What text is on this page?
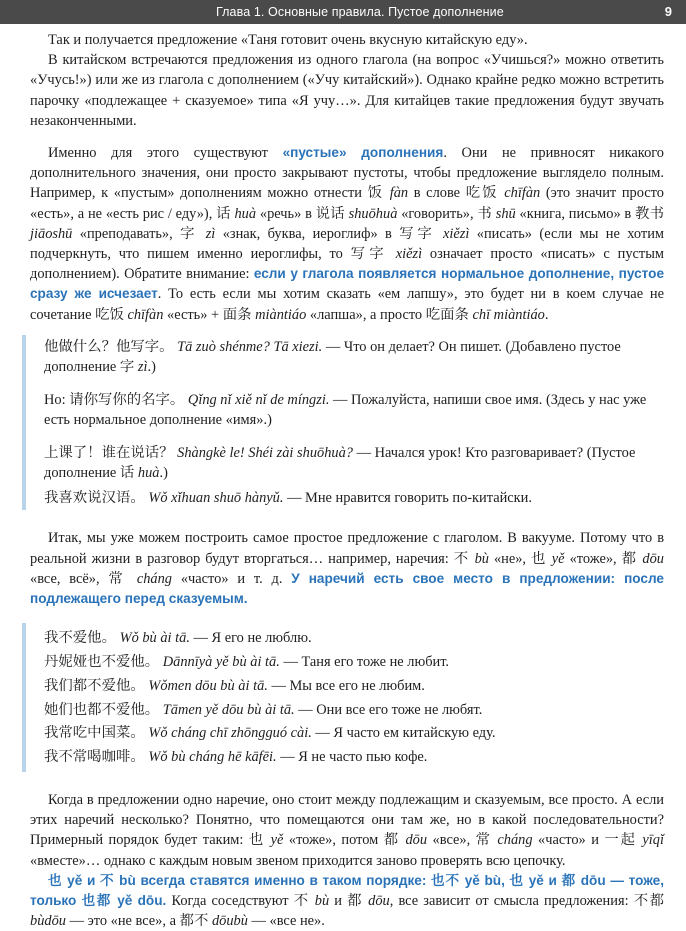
Глава 1. Основные правила. Пустое дополнение	9

Так и получается предложение «Таня готовит очень вкусную китайскую еду».

В китайском встречаются предложения из одного глагола (на вопрос «Учишься?» можно ответить «Учусь!») или же из глагола с дополнением («Учу китайский»). Однако крайне редко можно встретить парочку «подлежащее + сказуемое» типа «Я учу…». Для китайцев такие предложения будут звучать незаконченными.

Именно для этого существуют «пустые» дополнения. Они не привносят никакого дополнительного значения, они просто закрывают пустоты, чтобы предложение выглядело полным. Например, к «пустым» дополнениям можно отнести 饭 fàn в слове 吃饭 chīfàn (это значит просто «есть», а не «есть рис / еду»), 话 huà «речь» в 说话 shuōhuà «говорить», 书 shū «книга, письмо» в 教书 jiāoshū «преподавать», 字 zì «знак, буква, иероглиф» в 写字 xiězì «писать» (если мы не хотим подчеркнуть, что пишем именно иероглифы, то 写字 xiězì означает просто «писать» с пустым дополнением). Обратите внимание: если у глагола появляется нормальное дополнение, пустое сразу же исчезает. То есть если мы хотим сказать «ем лапшу», это будет ни в коем случае не сочетание 吃饭 chīfàn «есть» + 面条 miàntiáo «лапша», а просто 吃面条 chī miàntiáo.

他做什么？他写字。 Tā zuò shénme? Tā xiezi. — Что он делает? Он пишет. (Добавлено пустое дополнение 字 zì.)
Но: 请你写你的名字。 Qǐng nǐ xiě nǐ de míngzi. — Пожалуйста, напиши свое имя. (Здесь у нас уже есть нормальное дополнение «имя».)
上课了！谁在说话？ Shàngkè le! Shéi zài shuōhuà? — Начался урок! Кто разговаривает? (Пустое дополнение 话 huà.)
我喜欢说汉语。 Wǒ xǐhuan shuō hànyǔ. — Мне нравится говорить по-китайски.

Итак, мы уже можем построить самое простое предложение с глаголом. В вакууме. Потому что в реальной жизни в разговор будут вторгаться… например, наречия: 不 bù «не», 也 yě «тоже», 都 dōu «все, всё», 常 cháng «часто» и т. д. У наречий есть свое место в предложении: после подлежащего перед сказуемым.

我不爱他。 Wǒ bù ài tā. — Я его не люблю.
丹妮娅也不爱他。 Dānnīyà yě bù ài tā. — Таня его тоже не любит.
我们都不爱他。 Wǒmen dōu bù ài tā. — Мы все его не любим.
她们也都不爱他。 Tāmen yě dōu bù ài tā. — Они все его тоже не любят.
我常吃中国菜。 Wǒ cháng chī zhōngguó cài. — Я часто ем китайскую еду.
我不常喝咖啡。 Wǒ bù cháng hē kāfēi. — Я не часто пью кофе.

Когда в предложении одно наречие, оно стоит между подлежащим и сказуемым, все просто. А если этих наречий несколько? Понятно, что помещаются они там же, но в какой последовательности? Примерный порядок будет таким: 也 yě «тоже», потом 都 dōu «все», 常 cháng «часто» и 一起 yīqǐ «вместе»… однако с каждым новым звеном приходится заново проверять всю цепочку.

也 yě и 不 bù всегда ставятся именно в таком порядке: 也不 yě bù, 也 yě и 都 dōu — тоже, только 也都 yě dōu. Когда соседствуют 不 bù и 都 dōu, все зависит от смысла предложения: 不都 bùdōu — это «не все», а 都不 dōubù — «все не».
